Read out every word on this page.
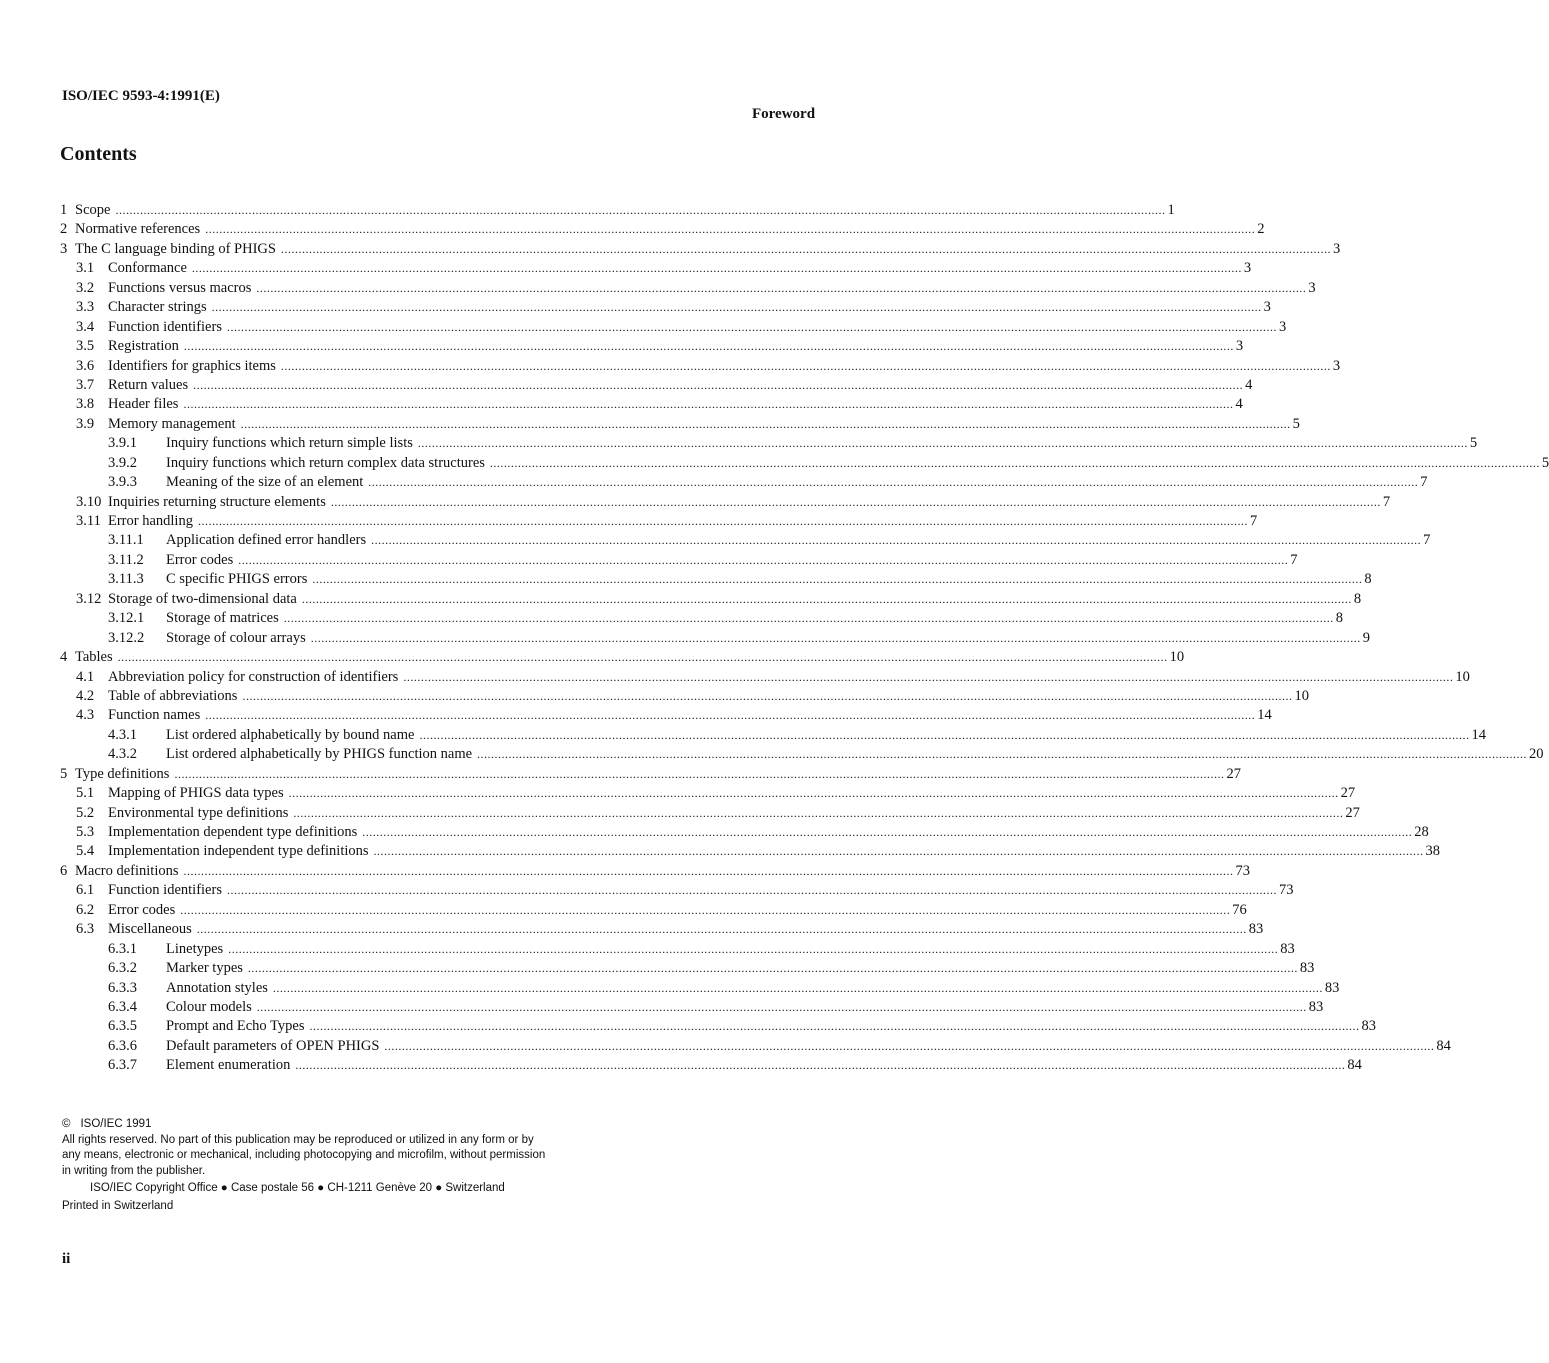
ISO/IEC 9593-4:1991(E)
Foreword
Contents
1 Scope ............................................................................................................................................................................................................................................................................................................ 1
2 Normative references ............................................................................................................................................................................................................................................................................................................ 2
3 The C language binding of PHIGS ............................................................................................................................................................................................................................................................................................................ 3
3.1 Conformance ............................................................................................................................................................................................................................................................................................................ 3
3.2 Functions versus macros ............................................................................................................................................................................................................................................................................................................ 3
3.3 Character strings ............................................................................................................................................................................................................................................................................................................ 3
3.4 Function identifiers ............................................................................................................................................................................................................................................................................................................ 3
3.5 Registration ............................................................................................................................................................................................................................................................................................................ 3
3.6 Identifiers for graphics items ............................................................................................................................................................................................................................................................................................................ 3
3.7 Return values ............................................................................................................................................................................................................................................................................................................ 4
3.8 Header files ............................................................................................................................................................................................................................................................................................................ 4
3.9 Memory management ............................................................................................................................................................................................................................................................................................................ 5
3.9.1	Inquiry functions which return simple lists ............................................................................................................................................................................................................................................................................................................ 5
3.9.2	Inquiry functions which return complex data structures ............................................................................................................................................................................................................................................................................................................ 5
3.9.3	Meaning of the size of an element ............................................................................................................................................................................................................................................................................................................ 7
3.10 Inquiries returning structure elements ............................................................................................................................................................................................................................................................................................................ 7
3.11 Error handling ............................................................................................................................................................................................................................................................................................................ 7
3.11.1	Application defined error handlers ............................................................................................................................................................................................................................................................................................................ 7
3.11.2	Error codes ............................................................................................................................................................................................................................................................................................................ 7
3.11.3	C specific PHIGS errors ............................................................................................................................................................................................................................................................................................................ 8
3.12 Storage of two-dimensional data ............................................................................................................................................................................................................................................................................................................ 8
3.12.1	Storage of matrices ............................................................................................................................................................................................................................................................................................................ 8
3.12.2	Storage of colour arrays ............................................................................................................................................................................................................................................................................................................ 9
4 Tables ............................................................................................................................................................................................................................................................................................................ 10
4.1 Abbreviation policy for construction of identifiers ............................................................................................................................................................................................................................................................................................................ 10
4.2 Table of abbreviations ............................................................................................................................................................................................................................................................................................................ 10
4.3 Function names ............................................................................................................................................................................................................................................................................................................ 14
4.3.1	List ordered alphabetically by bound name ............................................................................................................................................................................................................................................................................................................ 14
4.3.2	List ordered alphabetically by PHIGS function name ............................................................................................................................................................................................................................................................................................................ 20
5 Type definitions ............................................................................................................................................................................................................................................................................................................ 27
5.1 Mapping of PHIGS data types ............................................................................................................................................................................................................................................................................................................ 27
5.2 Environmental type definitions ............................................................................................................................................................................................................................................................................................................ 27
5.3 Implementation dependent type definitions ............................................................................................................................................................................................................................................................................................................ 28
5.4 Implementation independent type definitions ............................................................................................................................................................................................................................................................................................................ 38
6 Macro definitions ............................................................................................................................................................................................................................................................................................................ 73
6.1 Function identifiers ............................................................................................................................................................................................................................................................................................................ 73
6.2 Error codes ............................................................................................................................................................................................................................................................................................................ 76
6.3 Miscellaneous ............................................................................................................................................................................................................................................................................................................ 83
6.3.1	Linetypes ............................................................................................................................................................................................................................................................................................................ 83
6.3.2	Marker types ............................................................................................................................................................................................................................................................................................................ 83
6.3.3	Annotation styles ............................................................................................................................................................................................................................................................................................................ 83
6.3.4	Colour models ............................................................................................................................................................................................................................................................................................................ 83
6.3.5	Prompt and Echo Types ............................................................................................................................................................................................................................................................................................................ 83
6.3.6	Default parameters of OPEN PHIGS ............................................................................................................................................................................................................................................................................................................ 84
6.3.7	Element enumeration ............................................................................................................................................................................................................................................................................................................ 84
© ISO/IEC 1991
All rights reserved. No part of this publication may be reproduced or utilized in any form or by
any means, electronic or mechanical, including photocopying and microfilm, without permission
in writing from the publisher.
ISO/IEC Copyright Office ● Case postale 56 ● CH-1211 Genève 20 ● Switzerland
Printed in Switzerland
ii
